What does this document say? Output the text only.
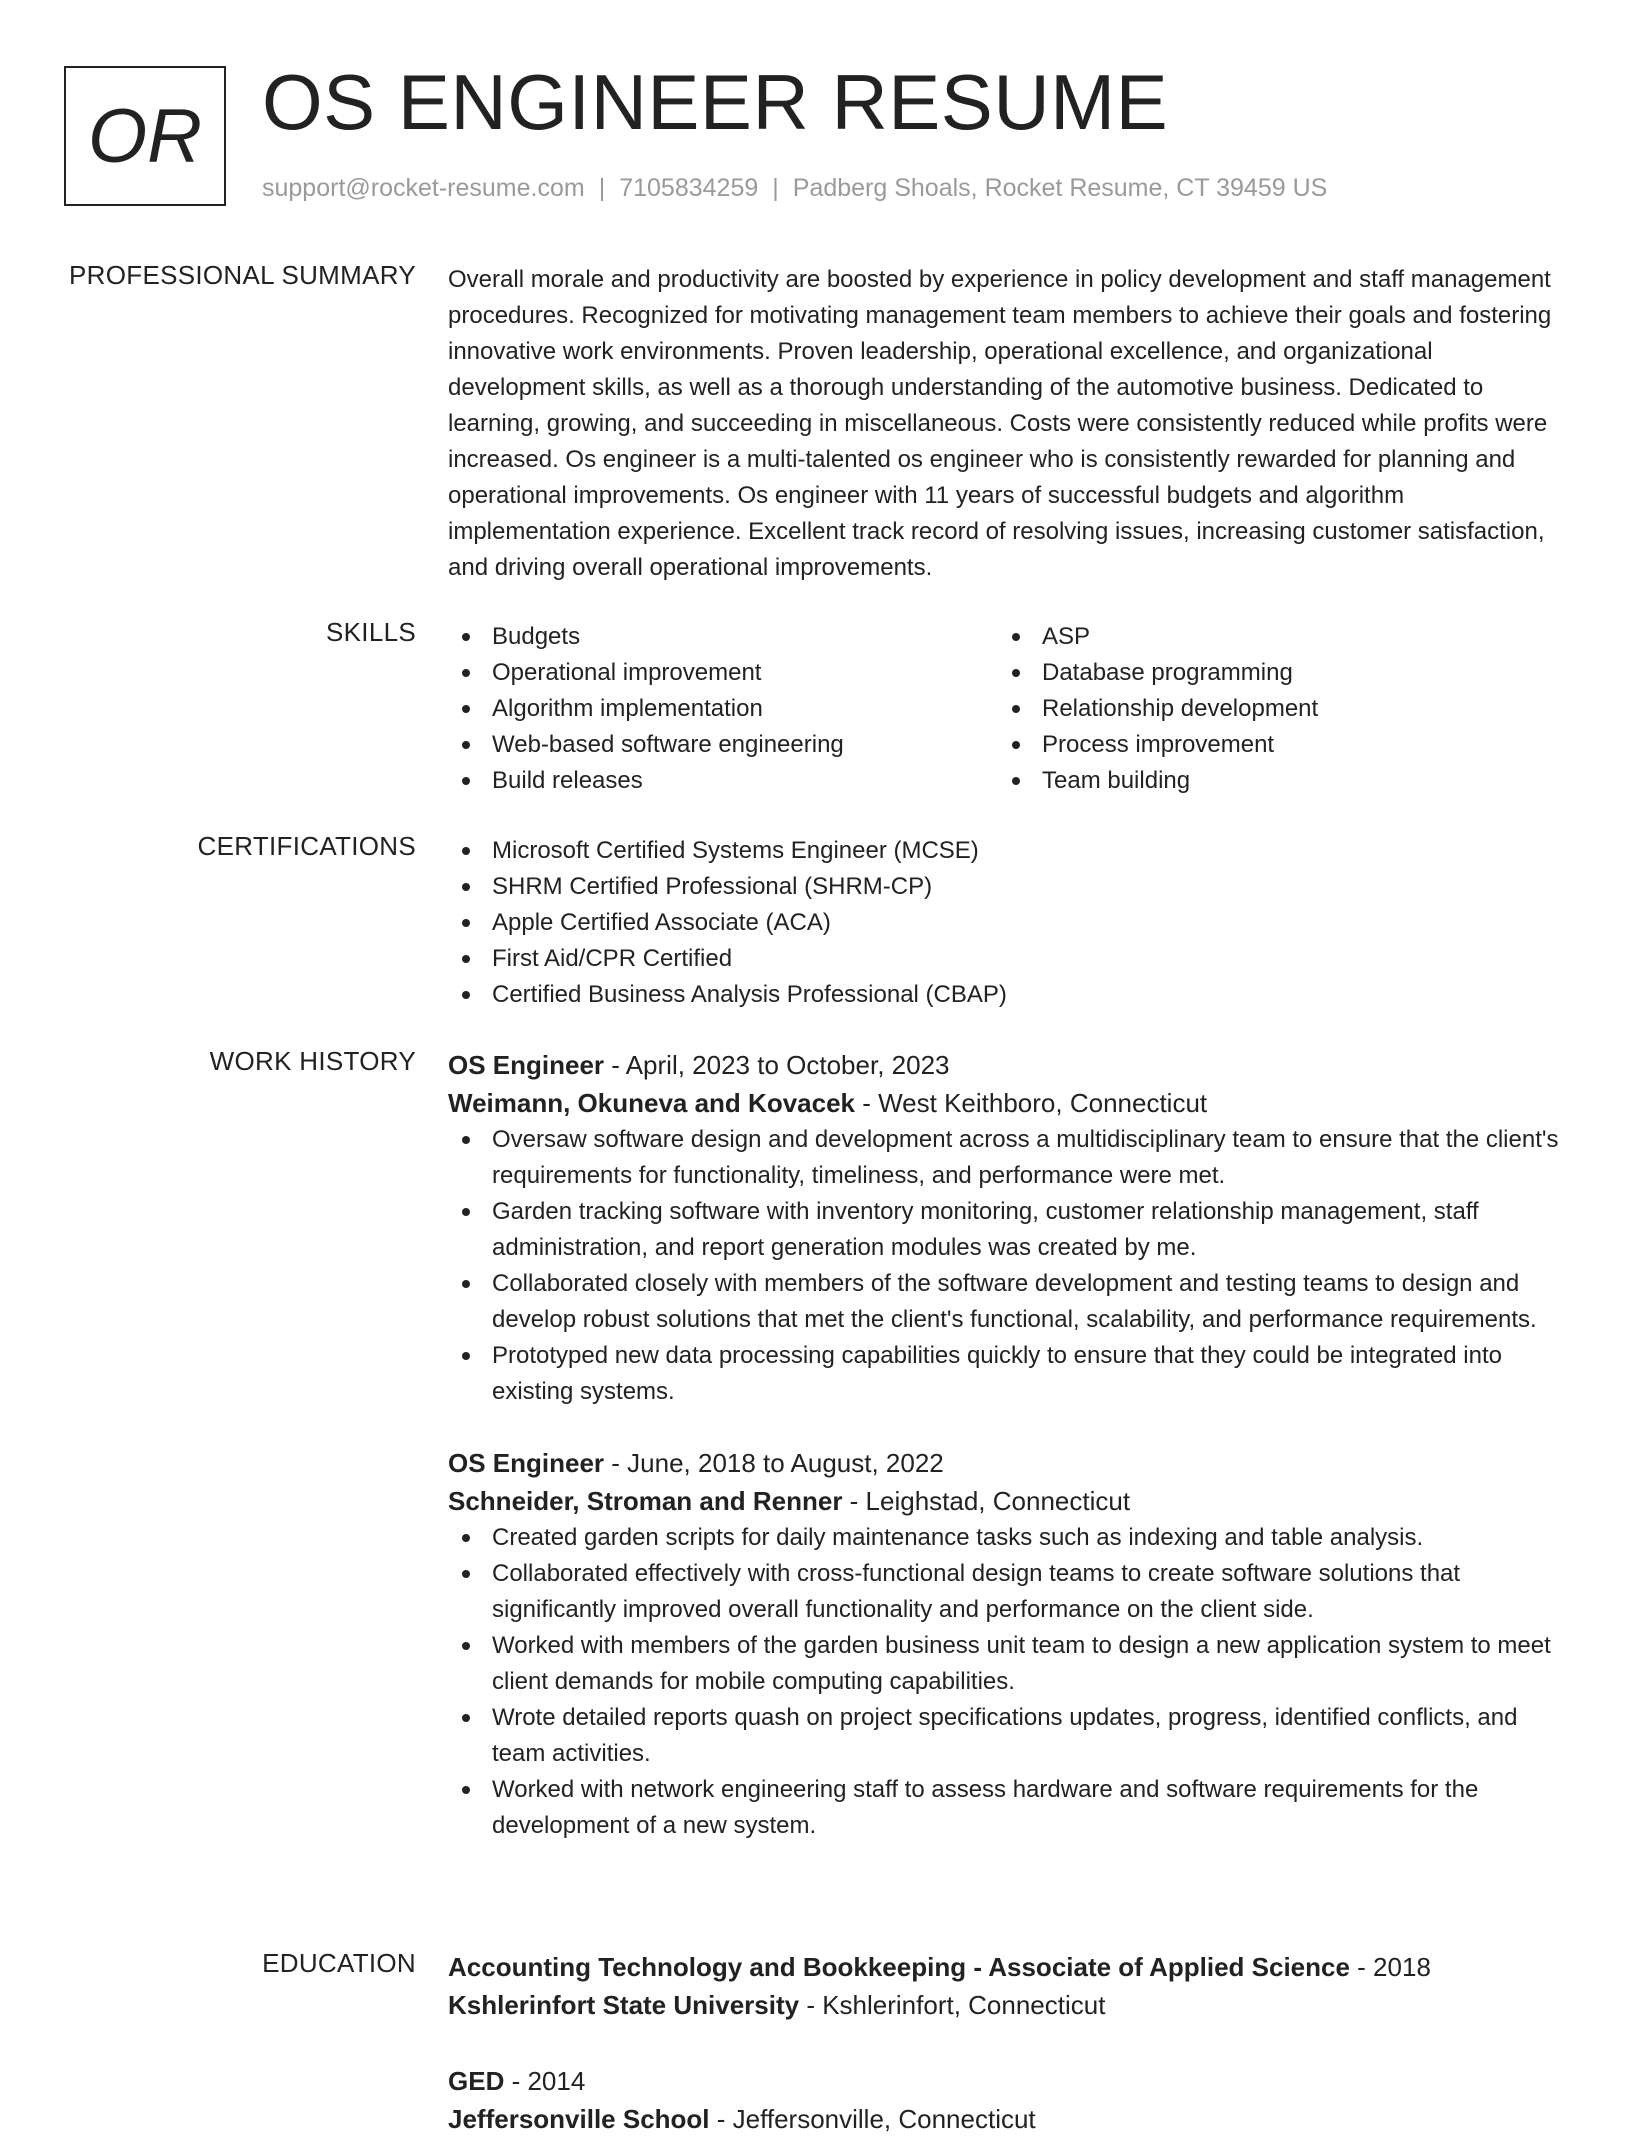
OR OS ENGINEER RESUME
support@rocket-resume.com | 7105834259 | Padberg Shoals, Rocket Resume, CT 39459 US
PROFESSIONAL SUMMARY Overall morale and productivity are boosted by experience in policy development and staff management procedures. Recognized for motivating management team members to achieve their goals and fostering innovative work environments. Proven leadership, operational excellence, and organizational development skills, as well as a thorough understanding of the automotive business. Dedicated to learning, growing, and succeeding in miscellaneous. Costs were consistently reduced while profits were increased. Os engineer is a multi-talented os engineer who is consistently rewarded for planning and operational improvements. Os engineer with 11 years of successful budgets and algorithm implementation experience. Excellent track record of resolving issues, increasing customer satisfaction, and driving overall operational improvements.

SKILLS	Budgets
Operational improvement
Algorithm implementation
Web-based software engineering
Build releases
ASP
Database programming
Relationship development
Process improvement
Team building
CERTIFICATIONS	Microsoft Certified Systems Engineer (MCSE)
SHRM Certified Professional (SHRM-CP)
Apple Certified Associate (ACA)
First Aid/CPR Certified
Certified Business Analysis Professional (CBAP)
WORK HISTORY OS Engineer - April, 2023 to October, 2023
Weimann, Okuneva and Kovacek - West Keithboro, Connecticut
Oversaw software design and development across a multidisciplinary team to ensure that the client's requirements for functionality, timeliness, and performance were met.
Garden tracking software with inventory monitoring, customer relationship management, staff administration, and report generation modules was created by me.
Collaborated closely with members of the software development and testing teams to design and develop robust solutions that met the client's functional, scalability, and performance requirements.
Prototyped new data processing capabilities quickly to ensure that they could be integrated into existing systems.
OS Engineer - June, 2018 to August, 2022
Schneider, Stroman and Renner - Leighstad, Connecticut
Created garden scripts for daily maintenance tasks such as indexing and table analysis.
Collaborated effectively with cross-functional design teams to create software solutions that significantly improved overall functionality and performance on the client side.
Worked with members of the garden business unit team to design a new application system to meet client demands for mobile computing capabilities.
Wrote detailed reports quash on project specifications updates, progress, identified conflicts, and team activities.
Worked with network engineering staff to assess hardware and software requirements for the development of a new system.
EDUCATION Accounting Technology and Bookkeeping - Associate of Applied Science - 2018
Kshlerinfort State University - Kshlerinfort, Connecticut
GED - 2014
Jeffersonville School - Jeffersonville, Connecticut
